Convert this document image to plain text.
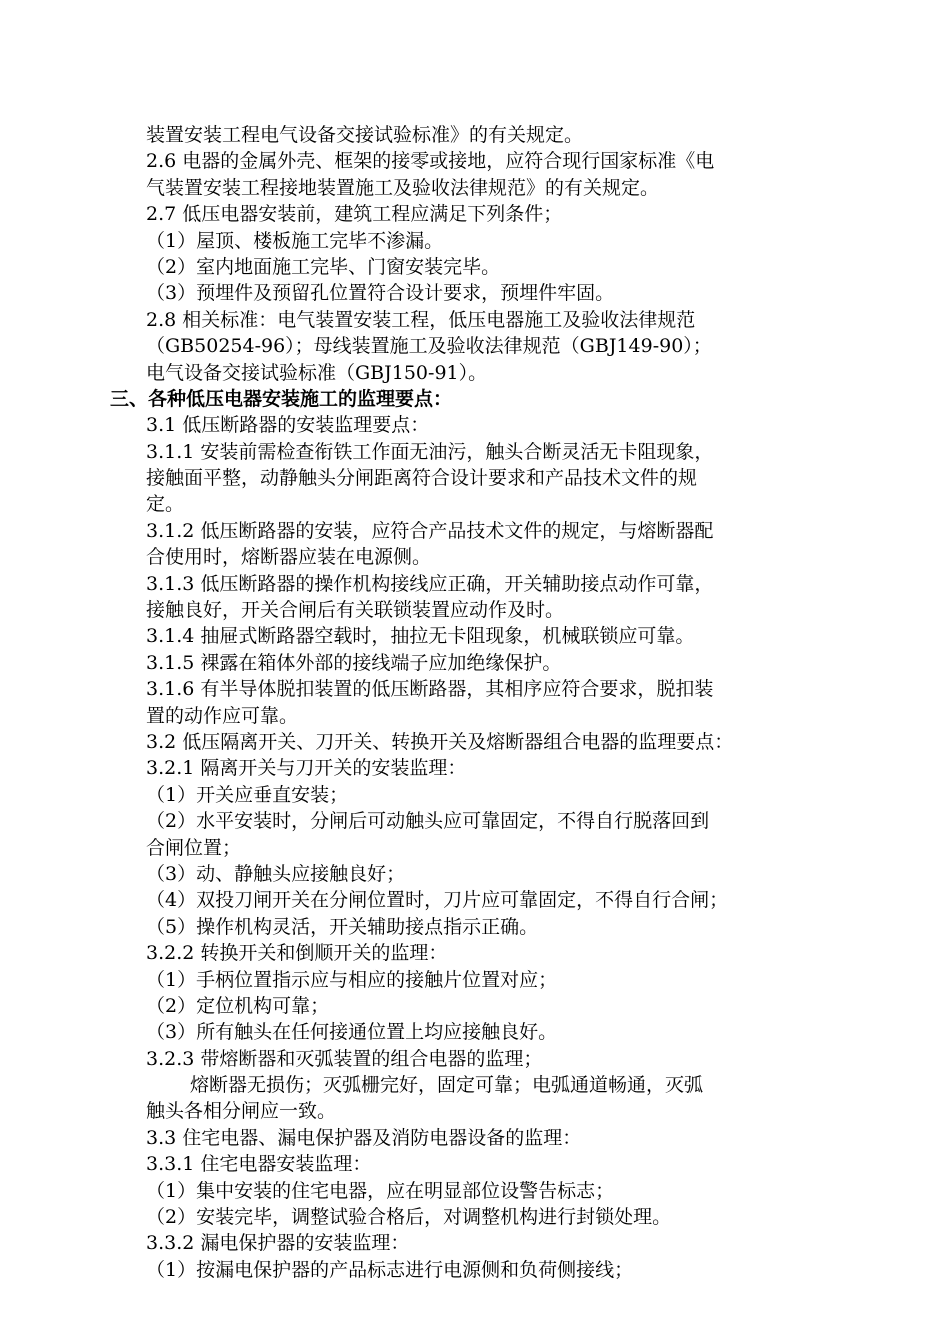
装置安装工程电气设备交接试验标准》的有关规定。
2.6 电器的金属外壳、框架的接零或接地，应符合现行国家标准《电
气装置安装工程接地装置施工及验收法律规范》的有关规定。
2.7 低压电器安装前，建筑工程应满足下列条件；
（1）屋顶、楼板施工完毕不渗漏。
（2）室内地面施工完毕、门窗安装完毕。
（3）预埋件及预留孔位置符合设计要求，预埋件牢固。
2.8 相关标准：电气装置安装工程，低压电器施工及验收法律规范
（GB50254-96）；母线装置施工及验收法律规范（GBJ149-90）；
电气设备交接试验标准（GBJ150-91）。
三、各种低压电器安装施工的监理要点：
3.1 低压断路器的安装监理要点：
3.1.1 安装前需检查衔铁工作面无油污，触头合断灵活无卡阻现象，
接触面平整，动静触头分闸距离符合设计要求和产品技术文件的规
定。
3.1.2 低压断路器的安装，应符合产品技术文件的规定，与熔断器配
合使用时，熔断器应装在电源侧。
3.1.3 低压断路器的操作机构接线应正确，开关辅助接点动作可靠，
接触良好，开关合闸后有关联锁装置应动作及时。
3.1.4 抽屉式断路器空载时，抽拉无卡阻现象，机械联锁应可靠。
3.1.5 裸露在箱体外部的接线端子应加绝缘保护。
3.1.6 有半导体脱扣装置的低压断路器，其相序应符合要求，脱扣装
置的动作应可靠。
3.2 低压隔离开关、刀开关、转换开关及熔断器组合电器的监理要点：
3.2.1 隔离开关与刀开关的安装监理：
（1）开关应垂直安装；
（2）水平安装时，分闸后可动触头应可靠固定，不得自行脱落回到
合闸位置；
（3）动、静触头应接触良好；
（4）双投刀闸开关在分闸位置时，刀片应可靠固定，不得自行合闸；
（5）操作机构灵活，开关辅助接点指示正确。
3.2.2 转换开关和倒顺开关的监理：
（1）手柄位置指示应与相应的接触片位置对应；
（2）定位机构可靠；
（3）所有触头在任何接通位置上均应接触良好。
3.2.3 带熔断器和灭弧装置的组合电器的监理；
熔断器无损伤；灭弧栅完好，固定可靠；电弧通道畅通，灭弧
触头各相分闸应一致。
3.3 住宅电器、漏电保护器及消防电器设备的监理：
3.3.1 住宅电器安装监理：
（1）集中安装的住宅电器，应在明显部位设警告标志；
（2）安装完毕，调整试验合格后，对调整机构进行封锁处理。
3.3.2 漏电保护器的安装监理：
（1）按漏电保护器的产品标志进行电源侧和负荷侧接线；
